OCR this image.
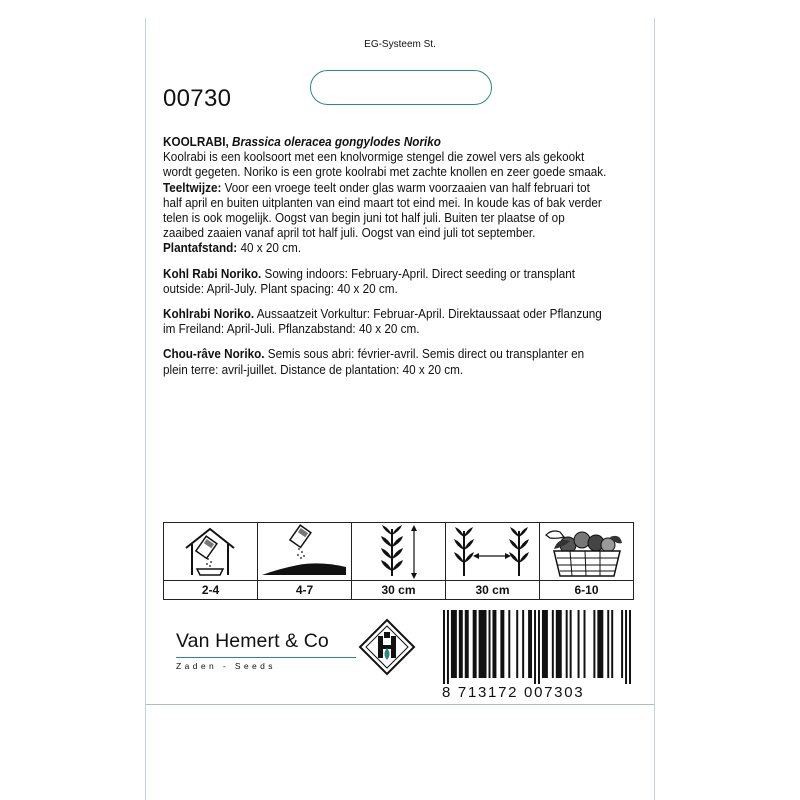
EG-Systeem St.
00730

KOOLRABI, Brassica oleracea gongylodes Noriko
Koolrabi is een koolsoort met een knolvormige stengel die zowel vers als gekookt wordt gegeten. Noriko is een grote koolrabi met zachte knollen en zeer goede smaak. Teeltwijze: Voor een vroege teelt onder glas warm voorzaaien van half februari tot half april en buiten uitplanten van eind maart tot eind mei. In koude kas of bak verder telen is ook mogelijk. Oogst van begin juni tot half juli. Buiten ter plaatse of op zaaibed zaaien vanaf april tot half juli. Oogst van eind juli tot september.
Plantafstand: 40 x 20 cm.

Kohl Rabi Noriko. Sowing indoors: February-April. Direct seeding or transplant outside: April-July. Plant spacing: 40 x 20 cm.

Kohlrabi Noriko. Aussaatzeit Vorkultur: Februar-April. Direktaussaat oder Pflanzung im Freiland: April-Juli. Pflanzabstand: 40 x 20 cm.

Chou-râve Noriko. Semis sous abri: février-avril. Semis direct ou transplanter en plein terre: avril-juillet. Distance de plantation: 40 x 20 cm.

2-4	4-7	30 cm	30 cm	6-10
Van Hemert & Co
Zaden - Seeds
8 713172 007303
